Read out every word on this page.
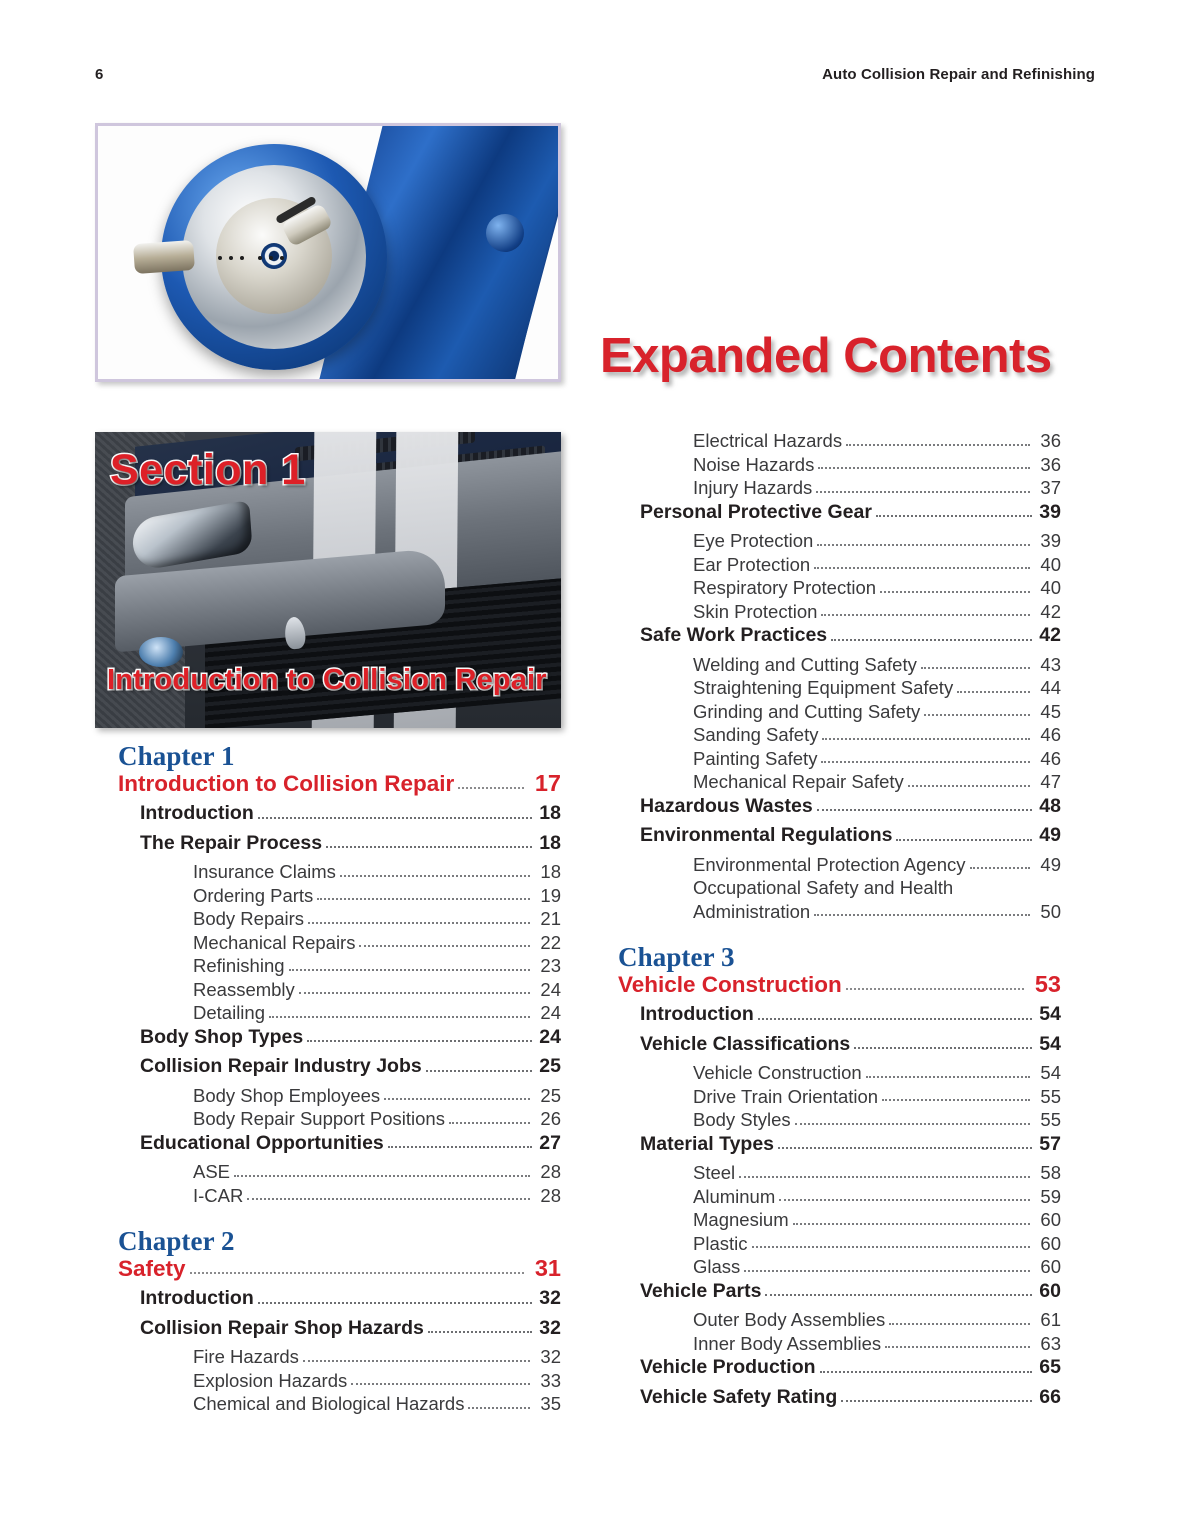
6	Auto Collision Repair and Refinishing
Section 1
Introduction to Collision Repair
Expanded Contents
Chapter 1
Introduction to Collision Repair	17
Introduction	18
The Repair Process	18
Insurance Claims	18
Ordering Parts	19
Body Repairs	21
Mechanical Repairs	22
Refinishing	23
Reassembly	24
Detailing	24
Body Shop Types	24
Collision Repair Industry Jobs	25
Body Shop Employees	25
Body Repair Support Positions	26
Educational Opportunities	27
ASE	28
I-CAR	28
Chapter 2
Safety	31
Introduction	32
Collision Repair Shop Hazards	32
Fire Hazards	32
Explosion Hazards	33
Chemical and Biological Hazards	35
Electrical Hazards	36
Noise Hazards	36
Injury Hazards	37
Personal Protective Gear	39
Eye Protection	39
Ear Protection	40
Respiratory Protection	40
Skin Protection	42
Safe Work Practices	42
Welding and Cutting Safety	43
Straightening Equipment Safety	44
Grinding and Cutting Safety	45
Sanding Safety	46
Painting Safety	46
Mechanical Repair Safety	47
Hazardous Wastes	48
Environmental Regulations	49
Environmental Protection Agency	49
Occupational Safety and Health
Administration	50
Chapter 3
Vehicle Construction	53
Introduction	54
Vehicle Classifications	54
Vehicle Construction	54
Drive Train Orientation	55
Body Styles	55
Material Types	57
Steel	58
Aluminum	59
Magnesium	60
Plastic	60
Glass	60
Vehicle Parts	60
Outer Body Assemblies	61
Inner Body Assemblies	63
Vehicle Production	65
Vehicle Safety Rating	66
